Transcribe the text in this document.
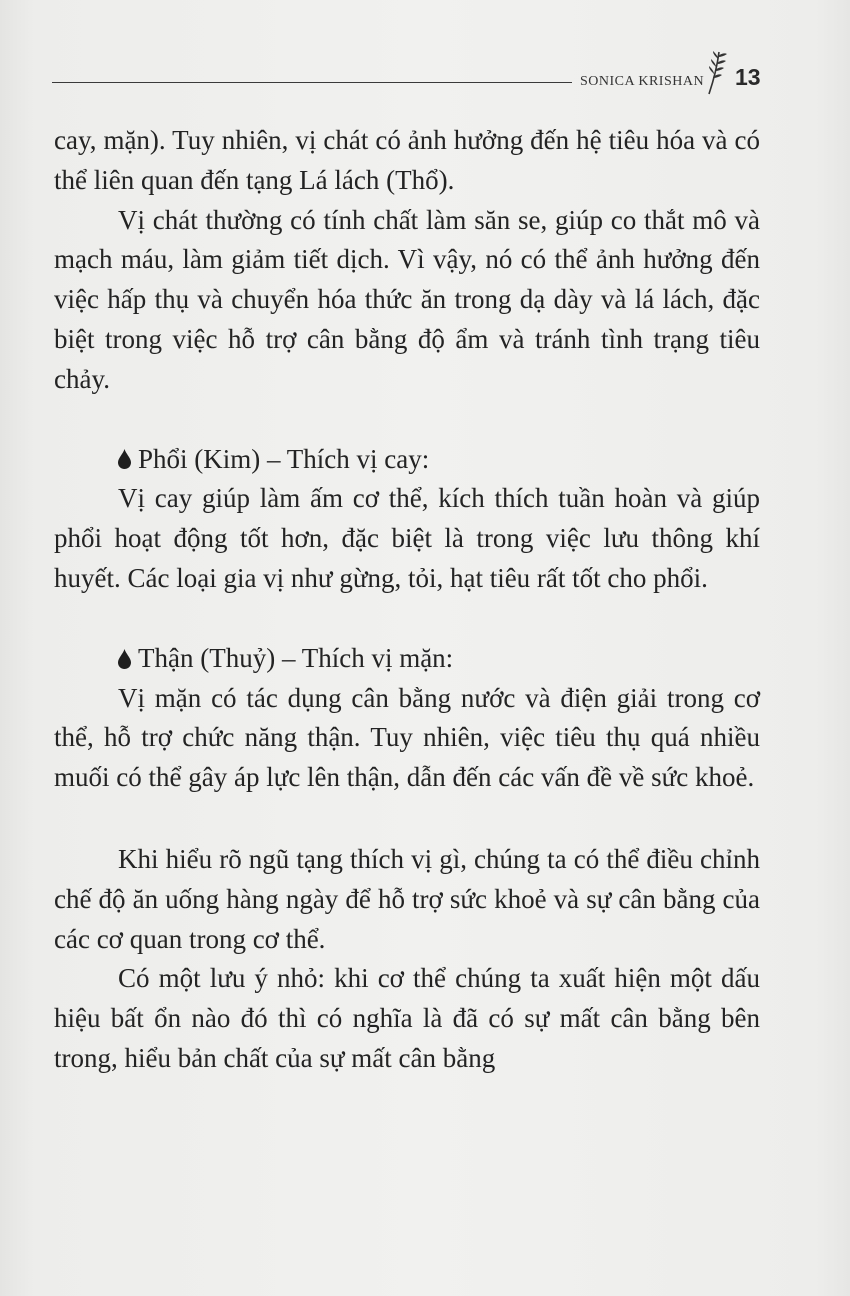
SONICA KRISHAN 13

cay, mặn). Tuy nhiên, vị chát có ảnh hưởng đến hệ tiêu hóa và có thể liên quan đến tạng Lá lách (Thổ).

Vị chát thường có tính chất làm săn se, giúp co thắt mô và mạch máu, làm giảm tiết dịch. Vì vậy, nó có thể ảnh hưởng đến việc hấp thụ và chuyển hóa thức ăn trong dạ dày và lá lách, đặc biệt trong việc hỗ trợ cân bằng độ ẩm và tránh tình trạng tiêu chảy.

Phổi (Kim) – Thích vị cay:

Vị cay giúp làm ấm cơ thể, kích thích tuần hoàn và giúp phổi hoạt động tốt hơn, đặc biệt là trong việc lưu thông khí huyết. Các loại gia vị như gừng, tỏi, hạt tiêu rất tốt cho phổi.

Thận (Thuỷ) – Thích vị mặn:

Vị mặn có tác dụng cân bằng nước và điện giải trong cơ thể, hỗ trợ chức năng thận. Tuy nhiên, việc tiêu thụ quá nhiều muối có thể gây áp lực lên thận, dẫn đến các vấn đề về sức khoẻ.

Khi hiểu rõ ngũ tạng thích vị gì, chúng ta có thể điều chỉnh chế độ ăn uống hàng ngày để hỗ trợ sức khoẻ và sự cân bằng của các cơ quan trong cơ thể.

Có một lưu ý nhỏ: khi cơ thể chúng ta xuất hiện một dấu hiệu bất ổn nào đó thì có nghĩa là đã có sự mất cân bằng bên trong, hiểu bản chất của sự mất cân bằng
